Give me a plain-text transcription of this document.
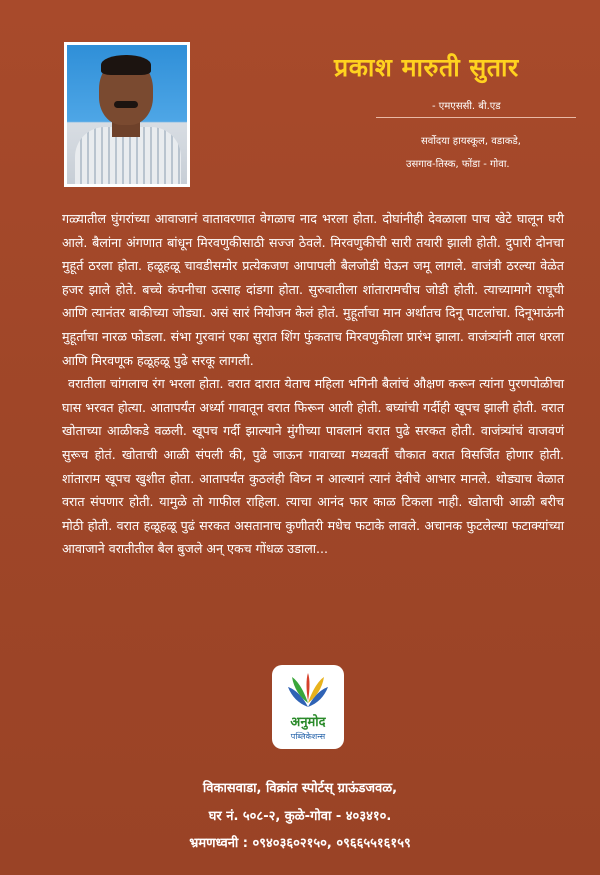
प्रकाश मारुती सुतार
- एमएससी. बी.एड
सर्वोदया हायस्कूल, वडाकडे,
उसगाव-तिस्क, फोंडा - गोवा.

गळ्यातील घुंगरांच्या आवाजानं वातावरणात वेगळाच नाद भरला होता. दोघांनीही देवळाला पाच खेटे घालून घरी आले. बैलांना अंगणात बांधून मिरवणुकीसाठी सज्ज ठेवले. मिरवणुकीची सारी तयारी झाली होती. दुपारी दोनचा मुहूर्त ठरला होता. हळूहळू चावडीसमोर प्रत्येकजण आपापली बैलजोडी घेऊन जमू लागले. वाजंत्री ठरल्या वेळेत हजर झाले होते. बच्चे कंपनीचा उत्साह दांडगा होता. सुरुवातीला शांतारामचीच जोडी होती. त्याच्यामागे राघूची आणि त्यानंतर बाकीच्या जोड्या. असं सारं नियोजन केलं होतं. मुहूर्ताचा मान अर्थातच दिनू पाटलांचा. दिनूभाऊंनी मुहूर्ताचा नारळ फोडला. संभा गुरवानं एका सुरात शिंग फुंकताच मिरवणुकीला प्रारंभ झाला. वाजंत्र्यांनी ताल धरला आणि मिरवणूक हळूहळू पुढे सरकू लागली.

वरातीला चांगलाच रंग भरला होता. वरात दारात येताच महिला भगिनी बैलांचं औक्षण करून त्यांना पुरणपोळीचा घास भरवत होत्या. आतापर्यंत अर्ध्या गावातून वरात फिरून आली होती. बघ्यांची गर्दीही खूपच झाली होती. वरात खोताच्या आळीकडे वळली. खूपच गर्दी झाल्याने मुंगीच्या पावलानं वरात पुढे सरकत होती. वाजंत्र्यांचं वाजवणं सुरूच होतं. खोताची आळी संपली की, पुढे जाऊन गावाच्या मध्यवर्ती चौकात वरात विसर्जित होणार होती. शांताराम खूपच खुशीत होता. आतापर्यंत कुठलंही विघ्न न आल्यानं त्यानं देवीचे आभार मानले. थोड्याच वेळात वरात संपणार होती. यामुळे तो गाफील राहिला. त्याचा आनंद फार काळ टिकला नाही. खोताची आळी बरीच मोठी होती. वरात हळूहळू पुढं सरकत असतानाच कुणीतरी मधेच फटाके लावले. अचानक फुटलेल्या फटाक्यांच्या आवाजाने वरातीतील बैल बुजले अन् एकच गोंधळ उडाला...

अनुमोद
पब्लिकेशन्स
विकासवाडा, विक्रांत स्पोर्टस् ग्राऊंडजवळ,
घर नं. ५०८-२, कुळे-गोवा - ४०३४१०.
भ्रमणध्वनी : ०९४०३६०२१५०, ०९६६५५१६१५९
